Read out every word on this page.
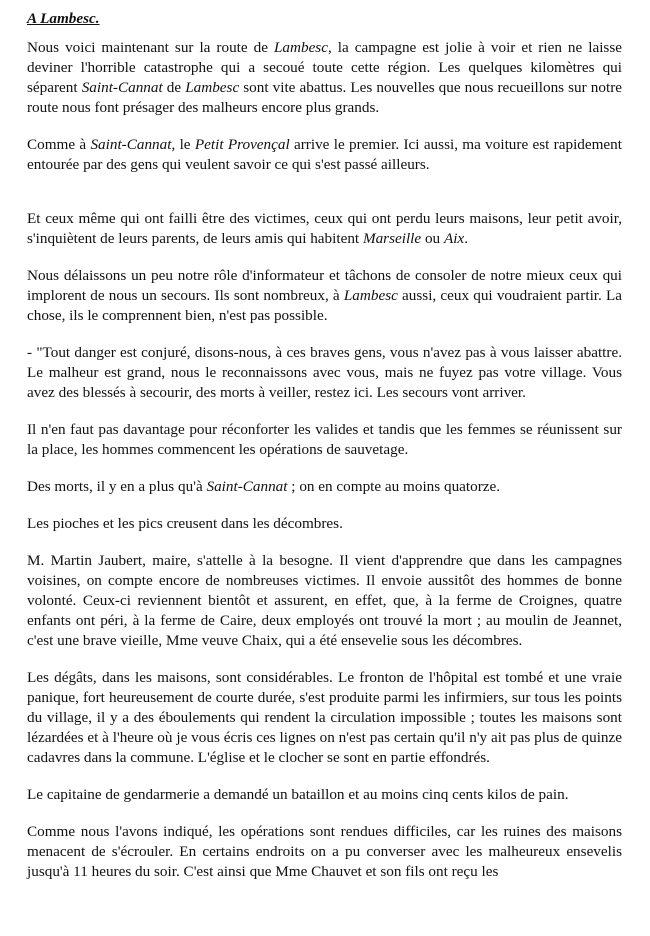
A Lambesc.

Nous voici maintenant sur la route de Lambesc, la campagne est jolie à voir et rien ne laisse deviner l'horrible catastrophe qui a secoué toute cette région. Les quelques kilomètres qui séparent Saint-Cannat de Lambesc sont vite abattus. Les nouvelles que nous recueillons sur notre route nous font présager des malheurs encore plus grands.

Comme à Saint-Cannat, le Petit Provençal arrive le premier. Ici aussi, ma voiture est rapidement entourée par des gens qui veulent savoir ce qui s'est passé ailleurs.

Et ceux même qui ont failli être des victimes, ceux qui ont perdu leurs maisons, leur petit avoir, s'inquiètent de leurs parents, de leurs amis qui habitent Marseille ou Aix.

Nous délaissons un peu notre rôle d'informateur et tâchons de consoler de notre mieux ceux qui implorent de nous un secours. Ils sont nombreux, à Lambesc aussi, ceux qui voudraient partir. La chose, ils le comprennent bien, n'est pas possible.

- "Tout danger est conjuré, disons-nous, à ces braves gens, vous n'avez pas à vous laisser abattre. Le malheur est grand, nous le reconnaissons avec vous, mais ne fuyez pas votre village. Vous avez des blessés à secourir, des morts à veiller, restez ici. Les secours vont arriver.

Il n'en faut pas davantage pour réconforter les valides et tandis que les femmes se réunissent sur la place, les hommes commencent les opérations de sauvetage.

Des morts, il y en a plus qu'à Saint-Cannat ; on en compte au moins quatorze.

Les pioches et les pics creusent dans les décombres.

M. Martin Jaubert, maire, s'attelle à la besogne. Il vient d'apprendre que dans les campagnes voisines, on compte encore de nombreuses victimes. Il envoie aussitôt des hommes de bonne volonté. Ceux-ci reviennent bientôt et assurent, en effet, que, à la ferme de Croignes, quatre enfants ont péri, à la ferme de Caire, deux employés ont trouvé la mort ; au moulin de Jeannet, c'est une brave vieille, Mme veuve Chaix, qui a été ensevelie sous les décombres.

Les dégâts, dans les maisons, sont considérables. Le fronton de l'hôpital est tombé et une vraie panique, fort heureusement de courte durée, s'est produite parmi les infirmiers, sur tous les points du village, il y a des éboulements qui rendent la circulation impossible ; toutes les maisons sont lézardées et à l'heure où je vous écris ces lignes on n'est pas certain qu'il n'y ait pas plus de quinze cadavres dans la commune. L'église et le clocher se sont en partie effondrés.

Le capitaine de gendarmerie a demandé un bataillon et au moins cinq cents kilos de pain.

Comme nous l'avons indiqué, les opérations sont rendues difficiles, car les ruines des maisons menacent de s'écrouler. En certains endroits on a pu converser avec les malheureux ensevelis jusqu'à 11 heures du soir. C'est ainsi que Mme Chauvet et son fils ont reçu les
